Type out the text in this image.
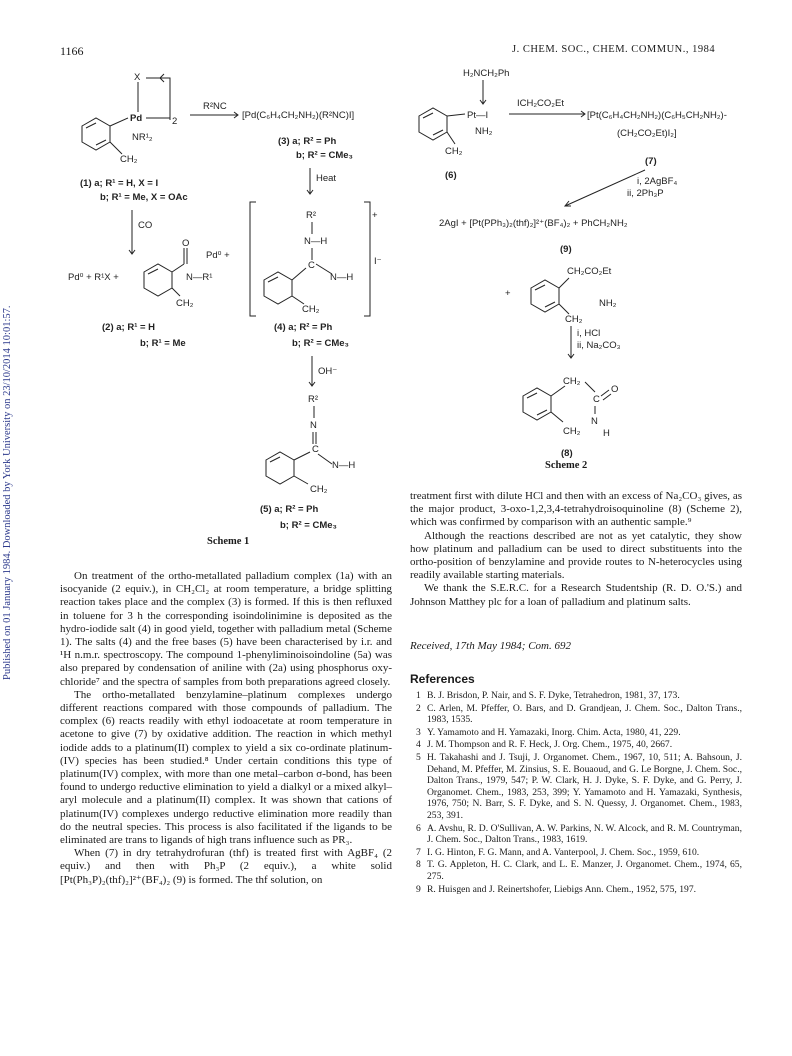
1166	J. CHEM. SOC., CHEM. COMMUN., 1984
Published on 01 January 1984. Downloaded by York University on 23/10/2014 10:01:57.
CH₂
Pd
NR¹₂
X
2
(1) a; R¹ = H, X = I
b; R¹ = Me, X = OAc
R²NC
[Pd(C₆H₄CH₂NH₂)(R²NC)I]
(3) a; R² = Ph
b; R² = CMe₃
Heat
CO
Pd⁰ + R¹X +
O
N—R¹
CH₂
(2) a; R¹ = H
b; R¹ = Me
Pd⁰ +
+
I⁻
R²
N—H
C
N—H
CH₂
(4) a; R² = Ph
b; R² = CMe₃
OH⁻
R²
N
C
N—H
CH₂
(5) a; R² = Ph
b; R² = CMe₃
Scheme 1
H₂NCH₂Ph
Pt—I
NH₂
CH₂
(6)
ICH₂CO₂Et
[Pt(C₆H₄CH₂NH₂)(C₆H₅CH₂NH₂)-
(CH₂CO₂Et)I₂]
(7)
i, 2AgBF₄
ii, 2Ph₃P
2AgI + [Pt(PPh₃)₂(thf)₂]²⁺(BF₄)₂ + PhCH₂NH₂
(9)
+
CH₂CO₂Et
NH₂
CH₂
i, HCl
ii, Na₂CO₃
CH₂
C
O
N
H
CH₂
(8)
Scheme 2

On treatment of the ortho-metallated palladium complex (1a) with an isocyanide (2 equiv.), in CH₂Cl₂ at room temperature, a bridge splitting reaction takes place and the complex (3) is formed. If this is then refluxed in toluene for 3 h the corresponding isoindolinimine is deposited as the hydro-iodide salt (4) in good yield, together with palladium metal (Scheme 1). The salts (4) and the free bases (5) have been characterised by i.r. and ¹H n.m.r. spectroscopy. The compound 1-phenyliminoisoindoline (5a) was also prepared by condensation of aniline with (2a) using phosphorus oxy-chloride⁷ and the spectra of samples from both preparations agreed closely.

The ortho-metallated benzylamine–platinum complexes undergo different reactions compared with those compounds of palladium. The complex (6) reacts readily with ethyl iodoacetate at room temperature in acetone to give (7) by oxidative addition. The reaction in which methyl iodide adds to a platinum(II) complex to yield a six co-ordinate platinum-(IV) species has been studied.⁸ Under certain conditions this type of platinum(IV) complex, with more than one metal–carbon σ-bond, has been found to undergo reductive elimination to yield a dialkyl or a mixed alkyl–aryl molecule and a platinum(II) complex. It was shown that cations of platinum(IV) complexes undergo reductive elimination more readily than do the neutral species. This process is also facilitated if the ligands to be eliminated are trans to ligands of high trans influence such as PR₃.

When (7) in dry tetrahydrofuran (thf) is treated first with AgBF₄ (2 equiv.) and then with Ph₃P (2 equiv.), a white solid [Pt(Ph₃P)₂(thf)₂]²⁺(BF₄)₂ (9) is formed. The thf solution, on

treatment first with dilute HCl and then with an excess of Na₂CO₃ gives, as the major product, 3-oxo-1,2,3,4-tetrahydroisoquinoline (8) (Scheme 2), which was confirmed by comparison with an authentic sample.⁹

Although the reactions described are not as yet catalytic, they show how platinum and palladium can be used to direct substituents into the ortho-position of benzylamine and provide routes to N-heterocycles using readily available starting materials.

We thank the S.E.R.C. for a Research Studentship (R. D. O.'S.) and Johnson Matthey plc for a loan of palladium and platinum salts.

Received, 17th May 1984; Com. 692
References
1 B. J. Brisdon, P. Nair, and S. F. Dyke, Tetrahedron, 1981, 37, 173.
2 C. Arlen, M. Pfeffer, O. Bars, and D. Grandjean, J. Chem. Soc., Dalton Trans., 1983, 1535.
3 Y. Yamamoto and H. Yamazaki, Inorg. Chim. Acta, 1980, 41, 229.
4 J. M. Thompson and R. F. Heck, J. Org. Chem., 1975, 40, 2667.
5 H. Takahashi and J. Tsuji, J. Organomet. Chem., 1967, 10, 511; A. Bahsoun, J. Dehand, M. Pfeffer, M. Zinsius, S. E. Bouaoud, and G. Le Borgne, J. Chem. Soc., Dalton Trans., 1979, 547; P. W. Clark, H. J. Dyke, S. F. Dyke, and G. Perry, J. Organomet. Chem., 1983, 253, 399; Y. Yamamoto and H. Yamazaki, Synthesis, 1976, 750; N. Barr, S. F. Dyke, and S. N. Quessy, J. Organomet. Chem., 1983, 253, 391.
6 A. Avshu, R. D. O'Sullivan, A. W. Parkins, N. W. Alcock, and R. M. Countryman, J. Chem. Soc., Dalton Trans., 1983, 1619.
7 I. G. Hinton, F. G. Mann, and A. Vanterpool, J. Chem. Soc., 1959, 610.
8 T. G. Appleton, H. C. Clark, and L. E. Manzer, J. Organomet. Chem., 1974, 65, 275.
9 R. Huisgen and J. Reinertshofer, Liebigs Ann. Chem., 1952, 575, 197.
